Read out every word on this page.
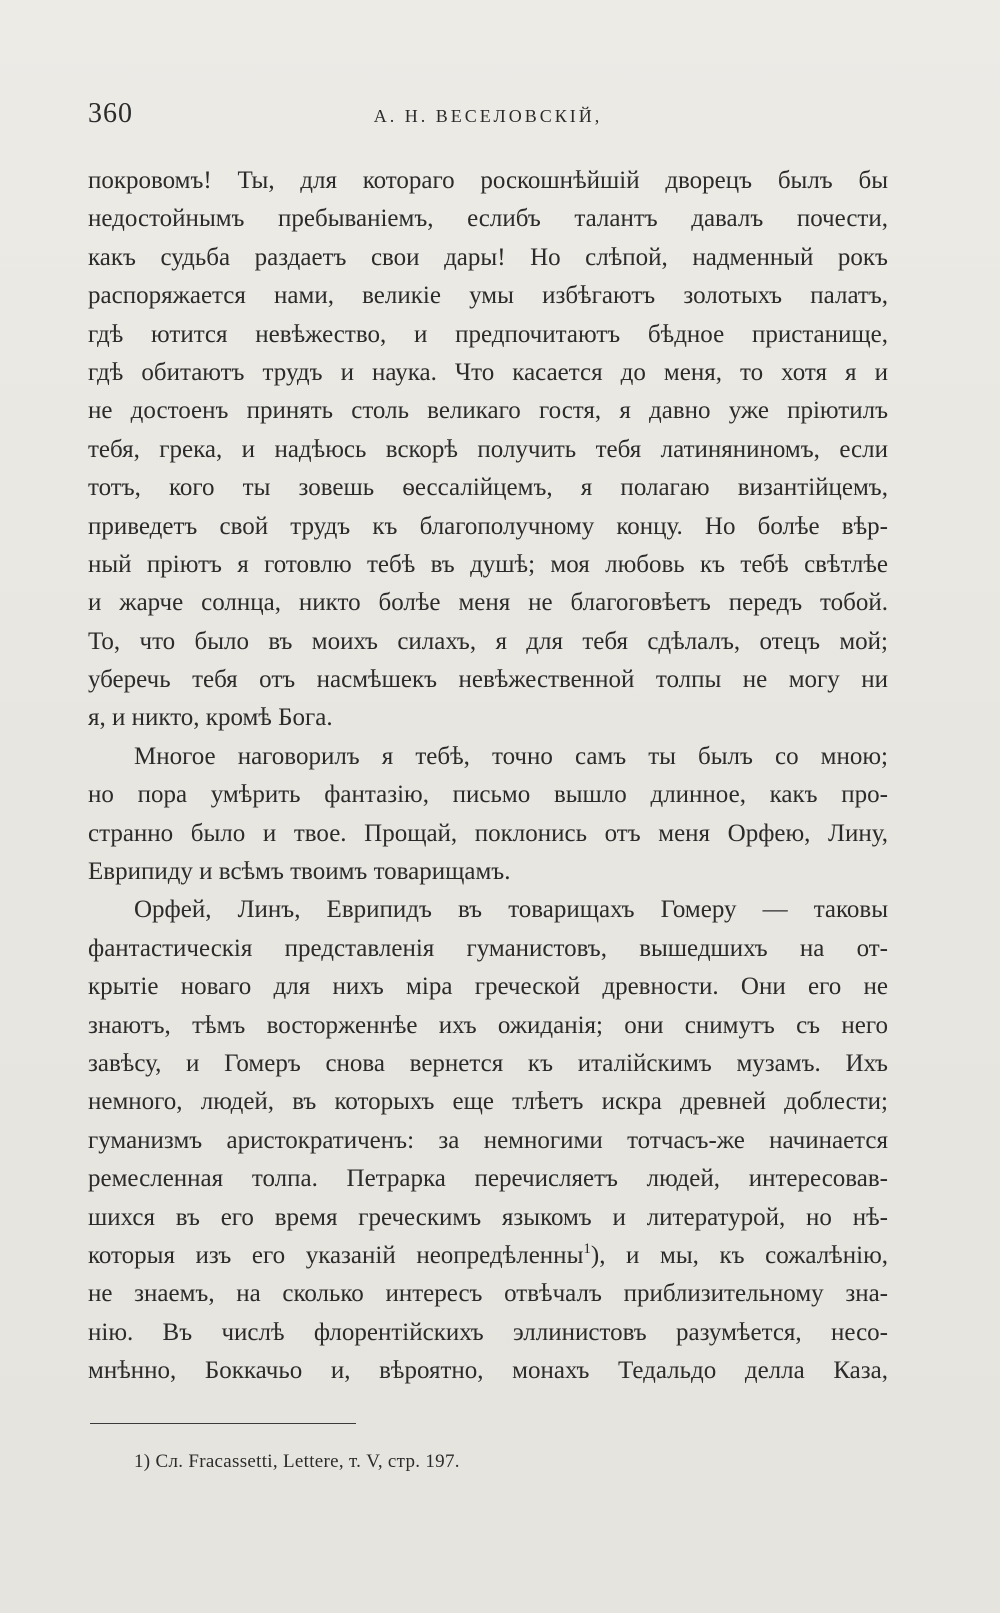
360	А. Н. ВЕСЕЛОВСКІЙ,
покровомъ! Ты, для котораго роскошнѣйшій дворецъ былъ бы
недостойнымъ пребываніемъ, еслибъ талантъ давалъ почести,
какъ судьба раздаетъ свои дары! Но слѣпой, надменный рокъ
распоряжается нами, великіе умы избѣгаютъ золотыхъ палатъ,
гдѣ ютится невѣжество, и предпочитаютъ бѣдное пристанище,
гдѣ обитаютъ трудъ и наука. Что касается до меня, то хотя я и
не достоенъ принять столь великаго гостя, я давно уже пріютилъ
тебя, грека, и надѣюсь вскорѣ получить тебя латиняниномъ, если
тотъ, кого ты зовешь ѳессалійцемъ, я полагаю византійцемъ,
приведетъ свой трудъ къ благополучному концу. Но болѣе вѣр-
ный пріютъ я готовлю тебѣ въ душѣ; моя любовь къ тебѣ свѣтлѣе
и жарче солнца, никто болѣе меня не благоговѣетъ передъ тобой.
То, что было въ моихъ силахъ, я для тебя сдѣлалъ, отецъ мой;
уберечь тебя отъ насмѣшекъ невѣжественной толпы не могу ни
я, и никто, кромѣ Бога.
Многое наговорилъ я тебѣ, точно самъ ты былъ со мною;
но пора умѣрить фантазію, письмо вышло длинное, какъ про-
странно было и твое. Прощай, поклонись отъ меня Орфею, Лину,
Еврипиду и всѣмъ твоимъ товарищамъ.
Орфей, Линъ, Еврипидъ въ товарищахъ Гомеру — таковы
фантастическія представленія гуманистовъ, вышедшихъ на от-
крытіе новаго для нихъ міра греческой древности. Они его не
знаютъ, тѣмъ восторженнѣе ихъ ожиданія; они снимутъ съ него
завѣсу, и Гомеръ снова вернется къ италійскимъ музамъ. Ихъ
немного, людей, въ которыхъ еще тлѣетъ искра древней доблести;
гуманизмъ аристократиченъ: за немногими тотчасъ-же начинается
ремесленная толпа. Петрарка перечисляетъ людей, интересовав-
шихся въ его время греческимъ языкомъ и литературой, но нѣ-
которыя изъ его указаній неопредѣленны$^1$), и мы, къ сожалѣнію,
не знаемъ, на сколько интересъ отвѣчалъ приблизительному зна-
нію. Въ числѣ флорентійскихъ эллинистовъ разумѣется, несо-
мнѣнно, Боккачьо и, вѣроятно, монахъ Тедальдо делла Каза,
1) Сл. Fracassetti, Lettere, т. V, стр. 197.
